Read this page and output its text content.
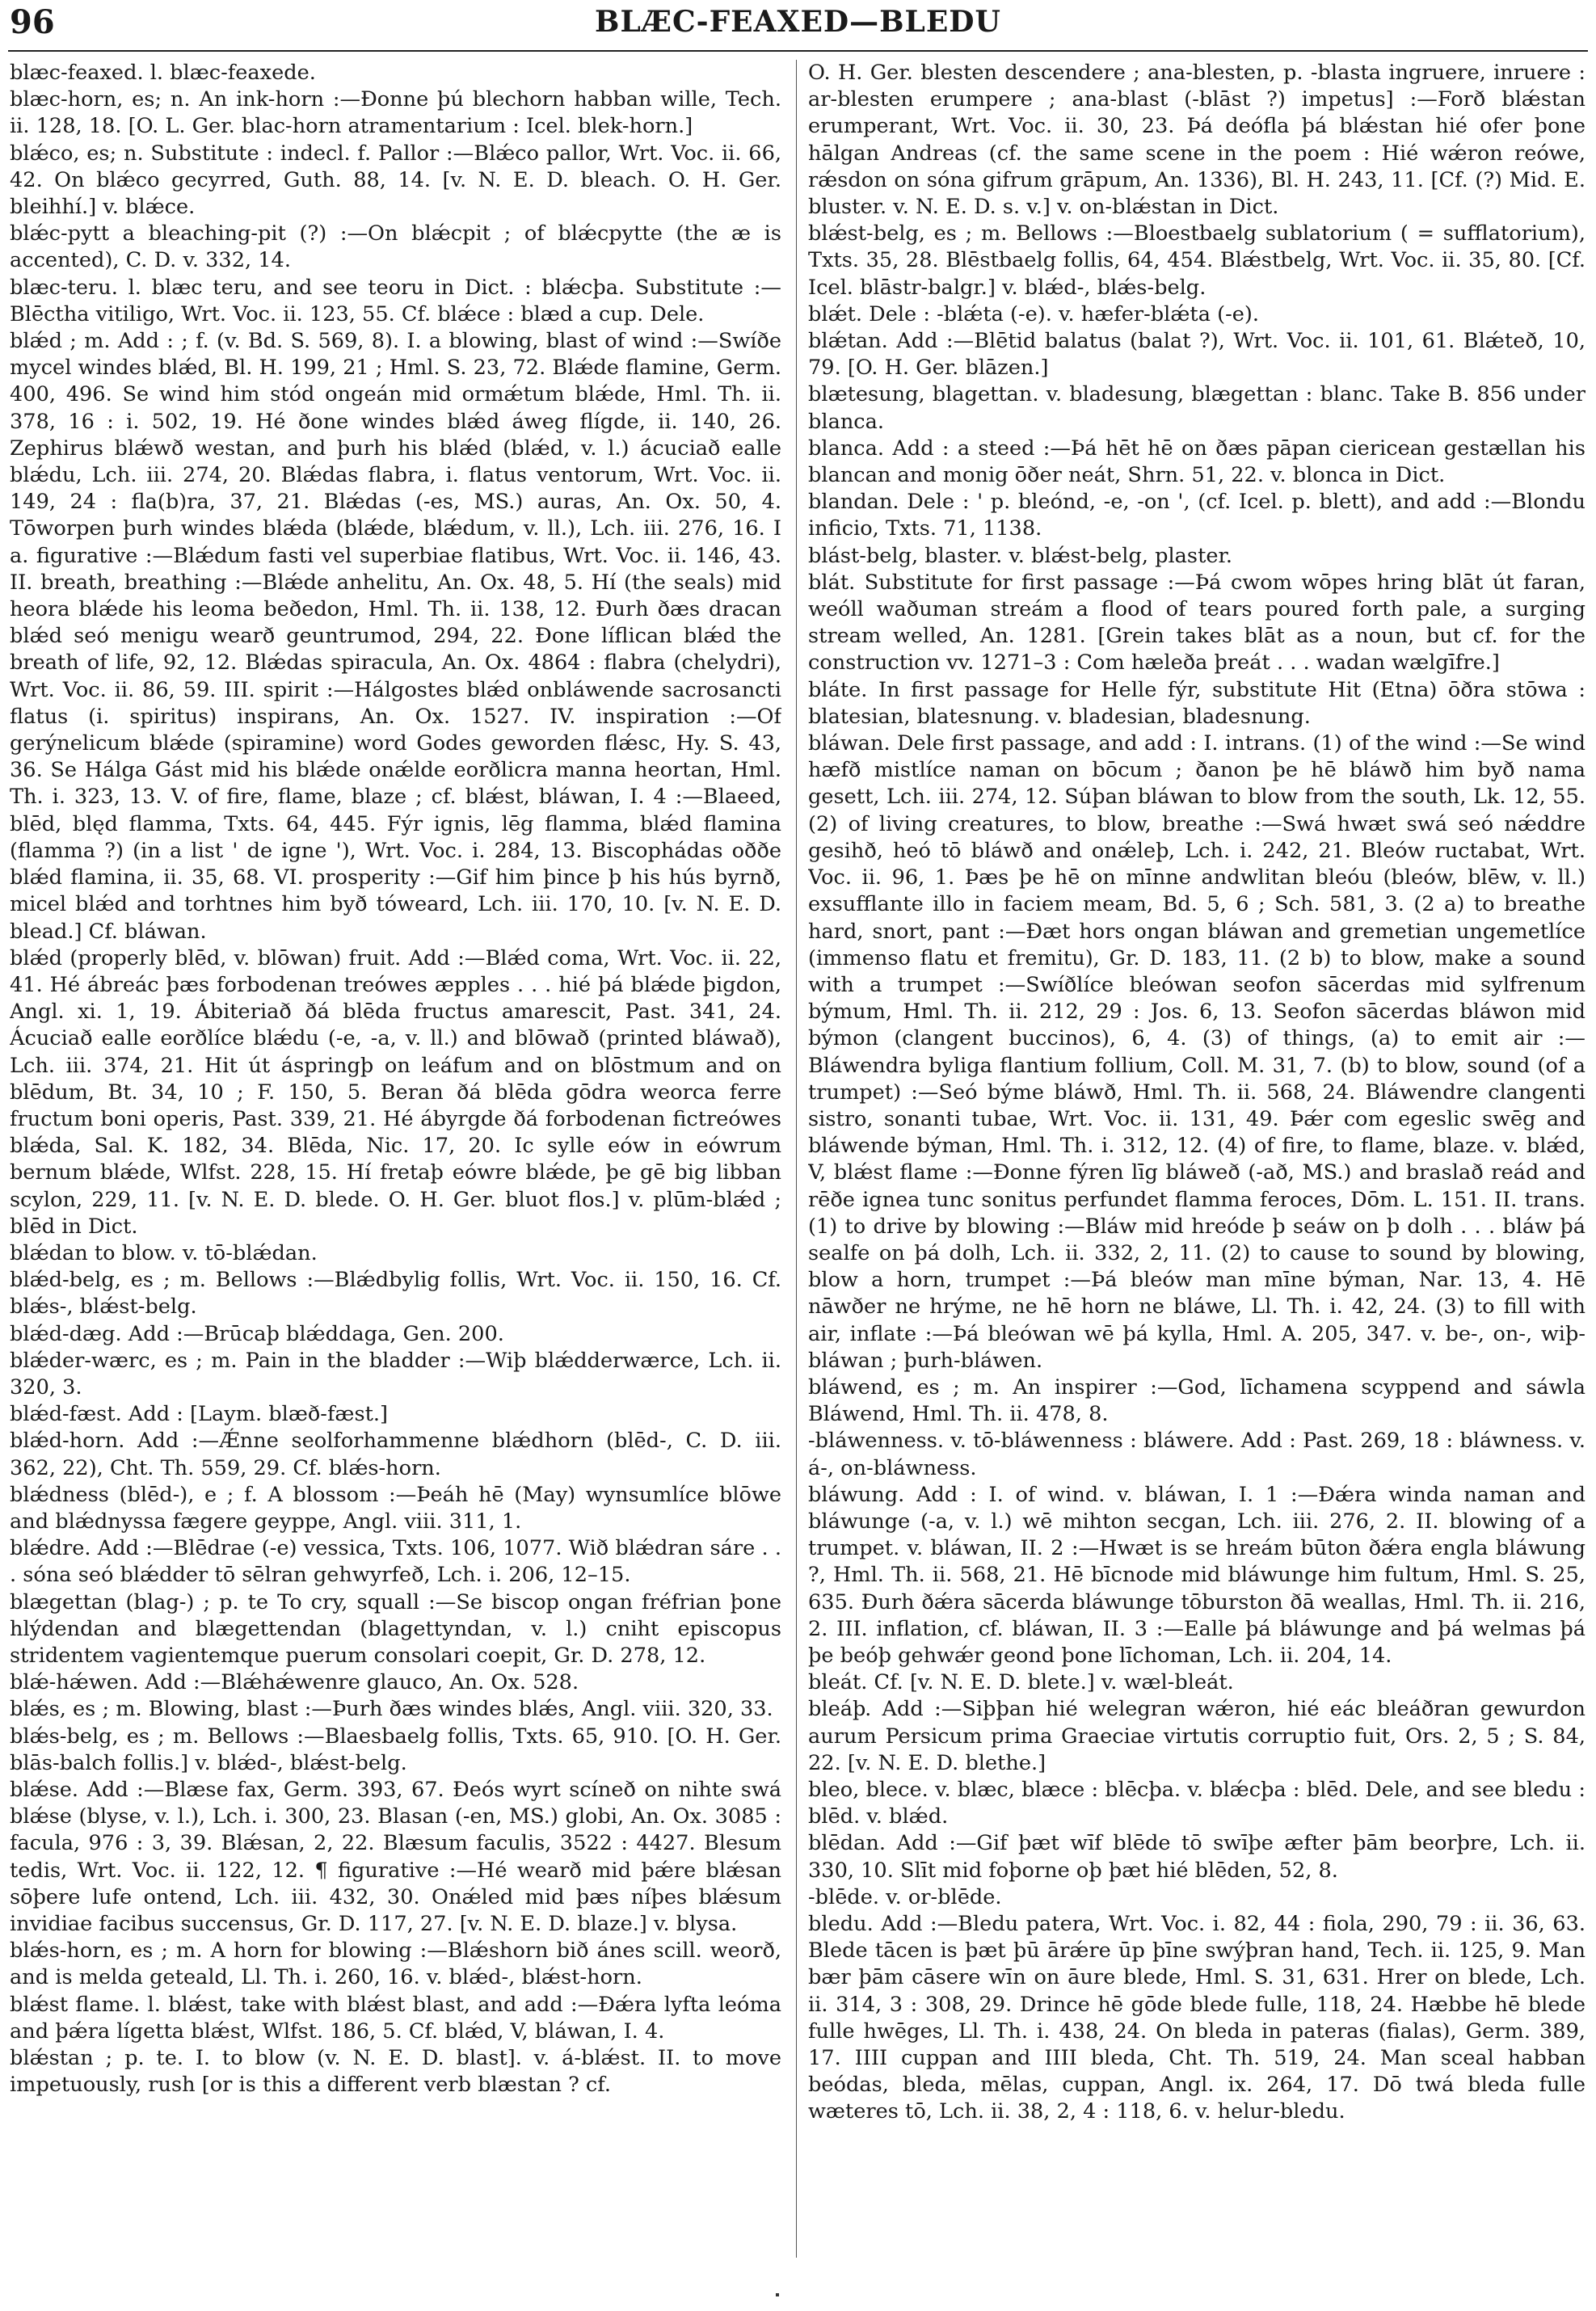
96	BLÆC-FEAXED—BLEDU

blæc-feaxed. l. blæc-feaxede.

blæc-horn, es; n. An ink-horn :—Ðonne þú blechorn habban wille, Tech. ii. 128, 18. [O. L. Ger. blac-horn atramentarium : Icel. blek-horn.]

blǽco, es; n. Substitute : indecl. f. Pallor :—Blǽco pallor, Wrt. Voc. ii. 66, 42. On blǽco gecyrred, Guth. 88, 14. [v. N. E. D. bleach. O. H. Ger. bleihhí.] v. blǽce.

blǽc-pytt a bleaching-pit (?) :—On blǽcpit ; of blǽcpytte (the æ is accented), C. D. v. 332, 14.

blæc-teru. l. blæc teru, and see teoru in Dict. : blǽcþa. Substitute :—Blēctha vitiligo, Wrt. Voc. ii. 123, 55. Cf. blǽce : blæd a cup. Dele.

blǽd ; m. Add : ; f. (v. Bd. S. 569, 8). I. a blowing, blast of wind :—Swíðe mycel windes blǽd, Bl. H. 199, 21 ; Hml. S. 23, 72. Blǽde flamine, Germ. 400, 496. Se wind him stód ongeán mid ormǽtum blǽde, Hml. Th. ii. 378, 16 : i. 502, 19. Hé ðone windes blǽd áweg flígde, ii. 140, 26. Zephirus blǽwð westan, and þurh his blǽd (blǽd, v. l.) ácuciað ealle blǽdu, Lch. iii. 274, 20. Blǽdas flabra, i. flatus ventorum, Wrt. Voc. ii. 149, 24 : fla(b)ra, 37, 21. Blǽdas (-es, MS.) auras, An. Ox. 50, 4. Tōworpen þurh windes blǽda (blǽde, blǽdum, v. ll.), Lch. iii. 276, 16. I a. figurative :—Blǽdum fasti vel superbiae flatibus, Wrt. Voc. ii. 146, 43. II. breath, breathing :—Blǽde anhelitu, An. Ox. 48, 5. Hí (the seals) mid heora blǽde his leoma beðedon, Hml. Th. ii. 138, 12. Ðurh ðæs dracan blǽd seó menigu wearð geuntrumod, 294, 22. Ðone líflican blǽd the breath of life, 92, 12. Blǽdas spiracula, An. Ox. 4864 : flabra (chelydri), Wrt. Voc. ii. 86, 59. III. spirit :—Hálgostes blǽd onbláwende sacrosancti flatus (i. spiritus) inspirans, An. Ox. 1527. IV. inspiration :—Of gerýnelicum blǽde (spiramine) word Godes geworden flǽsc, Hy. S. 43, 36. Se Hálga Gást mid his blǽde onǽlde eorðlicra manna heortan, Hml. Th. i. 323, 13. V. of fire, flame, blaze ; cf. blǽst, bláwan, I. 4 :—Blaeed, blēd, blęd flamma, Txts. 64, 445. Fýr ignis, lēg flamma, blǽd flamina (flamma ?) (in a list ' de igne '), Wrt. Voc. i. 284, 13. Biscophádas oððe blǽd flamina, ii. 35, 68. VI. prosperity :—Gif him þince þ his hús byrnð, micel blǽd and torhtnes him byð tóweard, Lch. iii. 170, 10. [v. N. E. D. blead.] Cf. bláwan.

blǽd (properly blēd, v. blōwan) fruit. Add :—Blǽd coma, Wrt. Voc. ii. 22, 41. Hé ábreác þæs forbodenan treówes æpples . . . hié þá blǽde þigdon, Angl. xi. 1, 19. Ábiteriað ðá blēda fructus amarescit, Past. 341, 24. Ácuciað ealle eorðlíce blǽdu (-e, -a, v. ll.) and blōwað (printed bláwað), Lch. iii. 374, 21. Hit út áspringþ on leáfum and on blōstmum and on blēdum, Bt. 34, 10 ; F. 150, 5. Beran ðá blēda gōdra weorca ferre fructum boni operis, Past. 339, 21. Hé ábyrgde ðá forbodenan fictreówes blǽda, Sal. K. 182, 34. Blēda, Nic. 17, 20. Ic sylle eów in eówrum bernum blǽde, Wlfst. 228, 15. Hí fretaþ eówre blǽde, þe gē big libban scylon, 229, 11. [v. N. E. D. blede. O. H. Ger. bluot flos.] v. plūm-blǽd ; blēd in Dict.

blǽdan to blow. v. tō-blǽdan.

blǽd-belg, es ; m. Bellows :—Blǽdbylig follis, Wrt. Voc. ii. 150, 16. Cf. blǽs-, blǽst-belg.

blǽd-dæg. Add :—Brūcaþ blǽddaga, Gen. 200.

blǽder-wærc, es ; m. Pain in the bladder :—Wiþ blǽdderwærce, Lch. ii. 320, 3.

blǽd-fæst. Add : [Laym. blæð-fæst.]

blǽd-horn. Add :—Ǽnne seolforhammenne blǽdhorn (blēd-, C. D. iii. 362, 22), Cht. Th. 559, 29. Cf. blǽs-horn.

blǽdness (blēd-), e ; f. A blossom :—Þeáh hē (May) wynsumlíce blōwe and blǽdnyssa fægere geyppe, Angl. viii. 311, 1.

blǽdre. Add :—Blēdrae (-e) vessica, Txts. 106, 1077. Wið blǽdran sáre . . . sóna seó blǽdder tō sēlran gehwyrfeð, Lch. i. 206, 12–15.

blægettan (blag-) ; p. te To cry, squall :—Se biscop ongan fréfrian þone hlýdendan and blægettendan (blagettyndan, v. l.) cniht episcopus stridentem vagientemque puerum consolari coepit, Gr. D. 278, 12.

blǽ-hǽwen. Add :—Blǽhǽwenre glauco, An. Ox. 528.

blǽs, es ; m. Blowing, blast :—Þurh ðæs windes blǽs, Angl. viii. 320, 33.

blǽs-belg, es ; m. Bellows :—Blaesbaelg follis, Txts. 65, 910. [O. H. Ger. blās-balch follis.] v. blǽd-, blǽst-belg.

blǽse. Add :—Blæse fax, Germ. 393, 67. Ðeós wyrt scíneð on nihte swá blǽse (blyse, v. l.), Lch. i. 300, 23. Blasan (-en, MS.) globi, An. Ox. 3085 : facula, 976 : 3, 39. Blǽsan, 2, 22. Blæsum faculis, 3522 : 4427. Blesum tedis, Wrt. Voc. ii. 122, 12. ¶ figurative :—Hé wearð mid þǽre blǽsan sōþere lufe ontend, Lch. iii. 432, 30. Onǽled mid þæs níþes blǽsum invidiae facibus succensus, Gr. D. 117, 27. [v. N. E. D. blaze.] v. blysa.

blǽs-horn, es ; m. A horn for blowing :—Blǽshorn bið ánes scill. weorð, and is melda geteald, Ll. Th. i. 260, 16. v. blǽd-, blǽst-horn.

blǽst flame. l. blǽst, take with blǽst blast, and add :—Ðǽra lyfta leóma and þǽra lígetta blǽst, Wlfst. 186, 5. Cf. blǽd, V, bláwan, I. 4.

blǽstan ; p. te. I. to blow (v. N. E. D. blast]. v. á-blǽst. II. to move impetuously, rush [or is this a different verb blæstan ? cf.

O. H. Ger. blesten descendere ; ana-blesten, p. -blasta ingruere, inruere : ar-blesten erumpere ; ana-blast (-blāst ?) impetus] :—Forð blǽstan erumperant, Wrt. Voc. ii. 30, 23. Þá deófla þá blǽstan hié ofer þone hālgan Andreas (cf. the same scene in the poem : Hié wǽron reówe, rǽsdon on sóna gifrum grāpum, An. 1336), Bl. H. 243, 11. [Cf. (?) Mid. E. bluster. v. N. E. D. s. v.] v. on-blǽstan in Dict.

blǽst-belg, es ; m. Bellows :—Bloestbaelg sublatorium ( = sufflatorium), Txts. 35, 28. Blēstbaelg follis, 64, 454. Blǽstbelg, Wrt. Voc. ii. 35, 80. [Cf. Icel. blāstr-balgr.] v. blǽd-, blǽs-belg.

blǽt. Dele : -blǽta (-e). v. hæfer-blǽta (-e).

blǽtan. Add :—Blētid balatus (balat ?), Wrt. Voc. ii. 101, 61. Blǽteð, 10, 79. [O. H. Ger. blāzen.]

blætesung, blagettan. v. bladesung, blægettan : blanc. Take B. 856 under blanca.

blanca. Add : a steed :—Þá hēt hē on ðæs pāpan ciericean gestællan his blancan and monig ōðer neát, Shrn. 51, 22. v. blonca in Dict.

blandan. Dele : ' p. bleónd, -e, -on ', (cf. Icel. p. blett), and add :—Blondu inficio, Txts. 71, 1138.

blást-belg, blaster. v. blǽst-belg, plaster.

blát. Substitute for first passage :—Þá cwom wōpes hring blāt út faran, weóll waðuman streám a flood of tears poured forth pale, a surging stream welled, An. 1281. [Grein takes blāt as a noun, but cf. for the construction vv. 1271–3 : Com hæleða þreát . . . wadan wælgīfre.]

bláte. In first passage for Helle fýr, substitute Hit (Etna) ōðra stōwa : blatesian, blatesnung. v. bladesian, bladesnung.

bláwan. Dele first passage, and add : I. intrans. (1) of the wind :—Se wind hæfð mistlíce naman on bōcum ; ðanon þe hē bláwð him byð nama gesett, Lch. iii. 274, 12. Súþan bláwan to blow from the south, Lk. 12, 55. (2) of living creatures, to blow, breathe :—Swá hwæt swá seó nǽddre gesihð, heó tō bláwð and onǽleþ, Lch. i. 242, 21. Bleów ructabat, Wrt. Voc. ii. 96, 1. Þæs þe hē on mīnne andwlitan bleóu (bleów, blēw, v. ll.) exsufflante illo in faciem meam, Bd. 5, 6 ; Sch. 581, 3. (2 a) to breathe hard, snort, pant :—Ðæt hors ongan bláwan and gremetian ungemetlíce (immenso flatu et fremitu), Gr. D. 183, 11. (2 b) to blow, make a sound with a trumpet :—Swíðlíce bleówan seofon sācerdas mid sylfrenum býmum, Hml. Th. ii. 212, 29 : Jos. 6, 13. Seofon sācerdas bláwon mid býmon (clangent buccinos), 6, 4. (3) of things, (a) to emit air :—Bláwendra byliga flantium follium, Coll. M. 31, 7. (b) to blow, sound (of a trumpet) :—Seó býme bláwð, Hml. Th. ii. 568, 24. Bláwendre clangenti sistro, sonanti tubae, Wrt. Voc. ii. 131, 49. Þǽr com egeslic swēg and bláwende býman, Hml. Th. i. 312, 12. (4) of fire, to flame, blaze. v. blǽd, V, blǽst flame :—Ðonne fýren līg bláweð (-að, MS.) and braslað reád and rēðe ignea tunc sonitus perfundet flamma feroces, Dōm. L. 151. II. trans. (1) to drive by blowing :—Bláw mid hreóde þ seáw on þ dolh . . . bláw þá sealfe on þá dolh, Lch. ii. 332, 2, 11. (2) to cause to sound by blowing, blow a horn, trumpet :—Þá bleów man mīne býman, Nar. 13, 4. Hē nāwðer ne hrýme, ne hē horn ne bláwe, Ll. Th. i. 42, 24. (3) to fill with air, inflate :—Þá bleówan wē þá kylla, Hml. A. 205, 347. v. be-, on-, wiþ-bláwan ; þurh-bláwen.

bláwend, es ; m. An inspirer :—God, līchamena scyppend and sáwla Bláwend, Hml. Th. ii. 478, 8.

-bláwenness. v. tō-bláwenness : bláwere. Add : Past. 269, 18 : bláwness. v. á-, on-bláwness.

bláwung. Add : I. of wind. v. bláwan, I. 1 :—Ðǽra winda naman and bláwunge (-a, v. l.) wē mihton secgan, Lch. iii. 276, 2. II. blowing of a trumpet. v. bláwan, II. 2 :—Hwæt is se hreám būton ðǽra engla bláwung ?, Hml. Th. ii. 568, 21. Hē bīcnode mid bláwunge him fultum, Hml. S. 25, 635. Ðurh ðǽra sācerda bláwunge tōburston ðā weallas, Hml. Th. ii. 216, 2. III. inflation, cf. bláwan, II. 3 :—Ealle þá bláwunge and þá welmas þá þe beóþ gehwǽr geond þone līchoman, Lch. ii. 204, 14.

bleát. Cf. [v. N. E. D. blete.] v. wæl-bleát.

bleáþ. Add :—Siþþan hié welegran wǽron, hié eác bleáðran gewurdon aurum Persicum prima Graeciae virtutis corruptio fuit, Ors. 2, 5 ; S. 84, 22. [v. N. E. D. blethe.]

bleo, blece. v. blæc, blæce : blēcþa. v. blǽcþa : blēd. Dele, and see bledu : blēd. v. blǽd.

blēdan. Add :—Gif þæt wīf blēde tō swīþe æfter þām beorþre, Lch. ii. 330, 10. Slīt mid foþorne oþ þæt hié blēden, 52, 8.

-blēde. v. or-blēde.

bledu. Add :—Bledu patera, Wrt. Voc. i. 82, 44 : fiola, 290, 79 : ii. 36, 63. Blede tācen is þæt þū ārǽre ūp þīne swýþran hand, Tech. ii. 125, 9. Man bær þām cāsere wīn on āure blede, Hml. S. 31, 631. Hrer on blede, Lch. ii. 314, 3 : 308, 29. Drince hē gōde blede fulle, 118, 24. Hæbbe hē blede fulle hwēges, Ll. Th. i. 438, 24. On bleda in pateras (fialas), Germ. 389, 17. IIII cuppan and IIII bleda, Cht. Th. 519, 24. Man sceal habban beódas, bleda, mēlas, cuppan, Angl. ix. 264, 17. Dō twá bleda fulle wæteres tō, Lch. ii. 38, 2, 4 : 118, 6. v. helur-bledu.
